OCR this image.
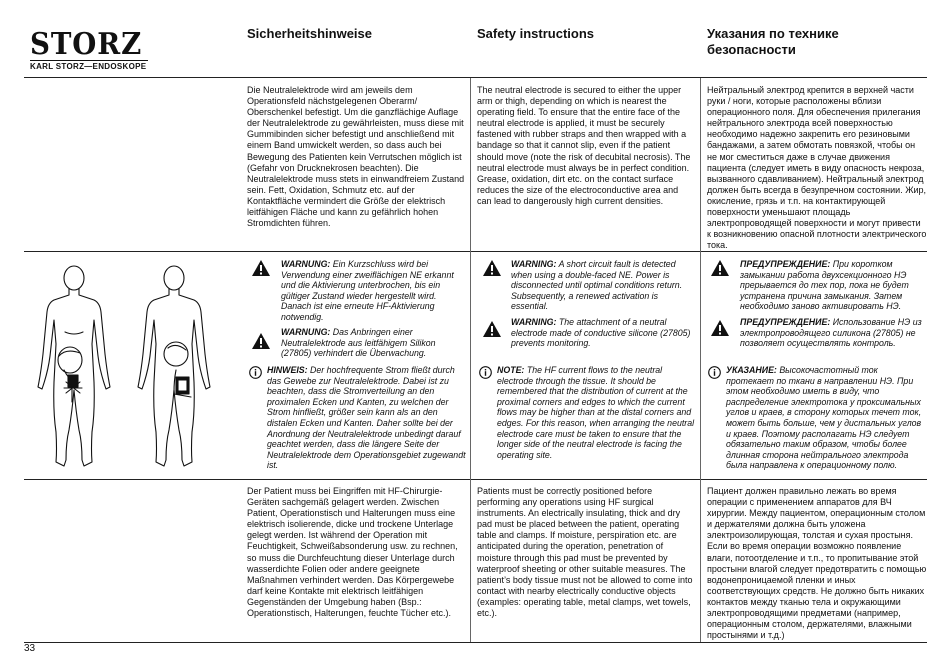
STORZ
KARL STORZ—ENDOSKOPE
Sicherheitshinweise	Safety instructions	Указания по технике безопасности
Die Neutralelektrode wird am jeweils dem Operationsfeld nächstgelegenen Oberarm/ Oberschenkel befestigt. Um die ganzflächige Auflage der Neutralelektrode zu gewährleisten, muss diese mit Gummibinden sicher befestigt und anschließend mit einem Band umwickelt werden, so dass auch bei Bewegung des Patienten kein Verrutschen möglich ist (Gefahr von Drucknekrosen beachten). Die Neutralelektrode muss stets in einwandfreiem Zustand sein. Fett, Oxidation, Schmutz etc. auf der Kontaktfläche vermindert die Größe der elektrisch leitfähigen Fläche und kann zu gefährlich hohen Stromdichten führen.
The neutral electrode is secured to either the upper arm or thigh, depending on which is nearest the operating field. To ensure that the entire face of the neutral electrode is applied, it must be securely fastened with rubber straps and then wrapped with a bandage so that it cannot slip, even if the patient should move (note the risk of decubital necrosis). The neutral electrode must always be in perfect condition. Grease, oxidation, dirt etc. on the contact surface reduces the size of the electroconductive area and can lead to dangerously high current densities.
Нейтральный электрод крепится в верхней части руки / ноги, которые расположены вблизи операционного поля. Для обеспечения прилегания нейтрального электрода всей поверхностью необходимо надежно закрепить его резиновыми бандажами, а затем обмотать повязкой, чтобы он не мог сместиться даже в случае движения пациента (следует иметь в виду опасность некроза, вызванного сдавливанием). Нейтральный электрод должен быть всегда в безупречном состоянии. Жир, окисление, грязь и т.п. на контактирующей поверхности уменьшают площадь электропроводящей поверхности и могут привести к возникновению опасной плотности электрического тока.
WARNUNG: Ein Kurzschluss wird bei Verwendung einer zweiflächigen NE erkannt und die Aktivierung unterbrochen, bis ein gültiger Zustand wieder hergestellt wird. Danach ist eine erneute HF-Aktivierung notwendig.
WARNUNG: Das Anbringen einer Neutralelektrode aus leitfähigem Silikon (27805) verhindert die Überwachung.
WARNING: A short circuit fault is detected when using a double-faced NE. Power is disconnected until optimal conditions return. Subsequently, a renewed activation is essential.
WARNING: The attachment of a neutral electrode made of conductive silicone (27805) prevents monitoring.
ПРЕДУПРЕЖДЕНИЕ: При коротком замыкании работа двухсекционного НЭ прерывается до тех пор, пока не будет устранена причина замыкания. Затем необходимо заново активировать НЭ.
ПРЕДУПРЕЖДЕНИЕ: Использование НЭ из электропроводящего силикона (27805) не позволяет осуществлять контроль.
HINWEIS: Der hochfrequente Strom fließt durch das Gewebe zur Neutralelektrode. Dabei ist zu beachten, dass die Stromverteilung an den proximalen Ecken und Kanten, zu welchen der Strom hinfließt, größer sein kann als an den distalen Ecken und Kanten. Daher sollte bei der Anordnung der Neutralelektrode unbedingt darauf geachtet werden, dass die längere Seite der Neutralelektrode dem Operationsgebiet zugewandt ist.
NOTE: The HF current flows to the neutral electrode through the tissue. It should be remembered that the distribution of current at the proximal corners and edges to which the current flows may be higher than at the distal corners and edges. For this reason, when arranging the neutral electrode care must be taken to ensure that the longer side of the neutral electrode is facing the operating site.
УКАЗАНИЕ: Высокочастотный ток протекает по ткани в направлении НЭ. При этом необходимо иметь в виду, что распределение электротока у проксимальных углов и краев, в сторону которых течет ток, может быть больше, чем у дистальных углов и краев. Поэтому располагать НЭ следует обязательно таким образом, чтобы более длинная сторона нейтрального электрода была направлена к операционному полю.
Der Patient muss bei Eingriffen mit HF-Chirurgie-Geräten sachgemäß gelagert werden. Zwischen Patient, Operationstisch und Halterungen muss eine elektrisch isolierende, dicke und trockene Unterlage gelegt werden. Ist während der Operation mit Feuchtigkeit, Schweißabsonderung usw. zu rechnen, so muss die Durchfeuchtung dieser Unterlage durch wasserdichte Folien oder andere geeignete Maßnahmen verhindert werden. Das Körpergewebe darf keine Kontakte mit elektrisch leitfähigen Gegenständen der Umgebung haben (Bsp.: Operationstisch, Halterungen, feuchte Tücher etc.).
Patients must be correctly positioned before performing any operations using HF surgical instruments. An electrically insulating, thick and dry pad must be placed between the patient, operating table and clamps. If moisture, perspiration etc. are anticipated during the operation, penetration of moisture through this pad must be prevented by waterproof sheeting or other suitable measures. The patient’s body tissue must not be allowed to come into contact with nearby electrically conductive objects (examples: operating table, metal clamps, wet towels, etc.).
Пациент должен правильно лежать во время операции с применением аппаратов для ВЧ хирургии. Между пациентом, операционным столом и держателями должна быть уложена электроизолирующая, толстая и сухая простыня. Если во время операции возможно появление влаги, потоотделение и т.п., то пропитывание этой простыни влагой следует предотвратить с помощью водонепроницаемой пленки и иных соответствующих средств. Не должно быть никаких контактов между тканью тела и окружающими электропроводящими предметами (например, операционным столом, держателями, влажными простынями и т.д.)
33
